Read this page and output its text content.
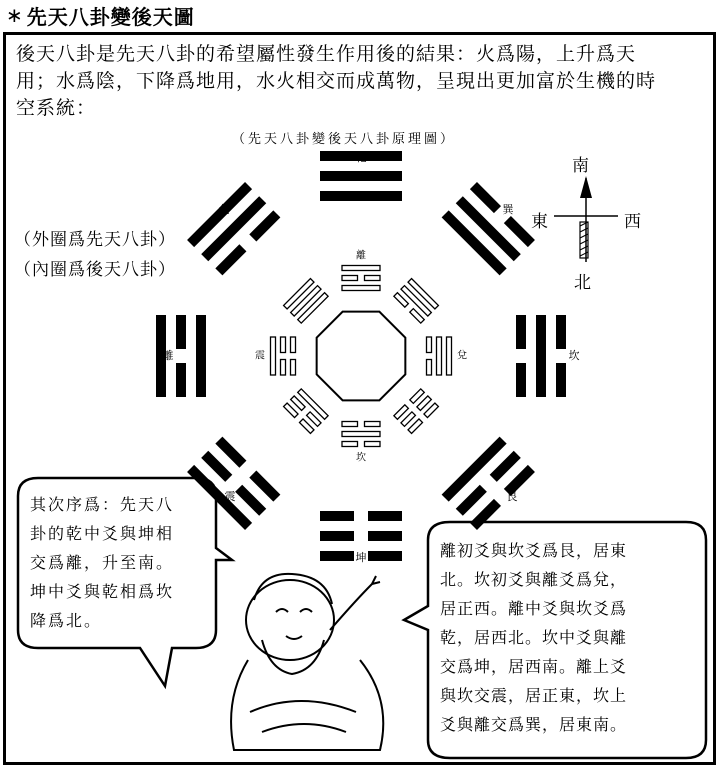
∗ 先天八卦變後天圖
後天八卦是先天八卦的希望屬性發生作用後的結果：火爲陽，上升爲天
用；水爲陰，下降爲地用，水火相交而成萬物，呈現出更加富於生機的時
空系統：
（先天八卦變後天八卦原理圖）
（外圈爲先天八卦）
（內圈爲後天八卦）
乾
巽
坎
艮
坤
震
離
兌
離
兌
坎
震
南
東	西
北
其次序爲：先天八
卦的乾中爻與坤相
交爲離，升至南。
坤中爻與乾相爲坎
降爲北。
離初爻與坎爻爲艮，居東
北。坎初爻與離爻爲兌，
居正西。離中爻與坎爻爲
乾，居西北。坎中爻與離
交爲坤，居西南。離上爻
與坎交震，居正東，坎上
爻與離交爲巽，居東南。
